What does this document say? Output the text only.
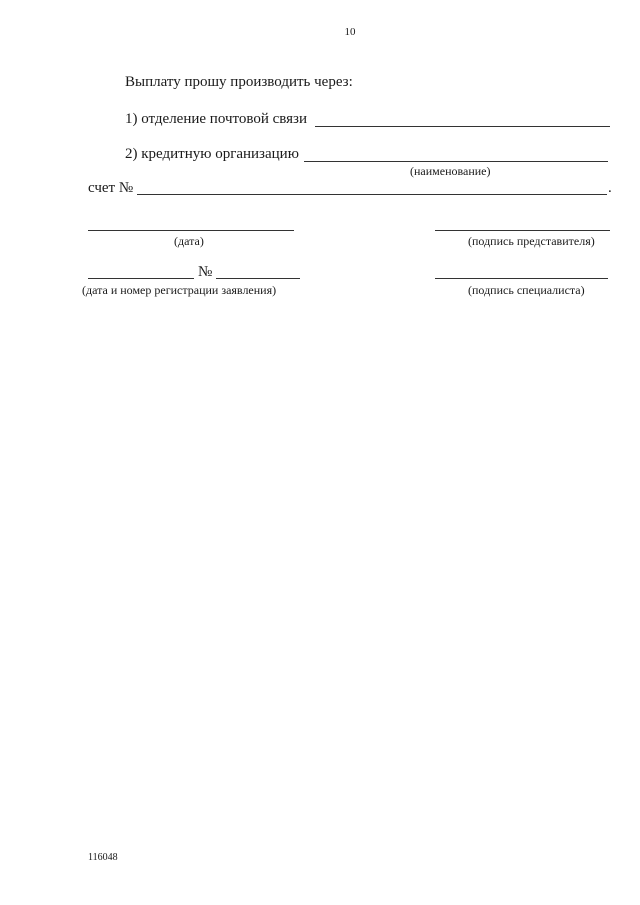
10
Выплату прошу производить через:
1) отделение почтовой связи
2) кредитную организацию
(наименование)
счет №	.
(дата)	(подпись представителя)
№
(дата и номер регистрации заявления)	(подпись специалиста)
116048
